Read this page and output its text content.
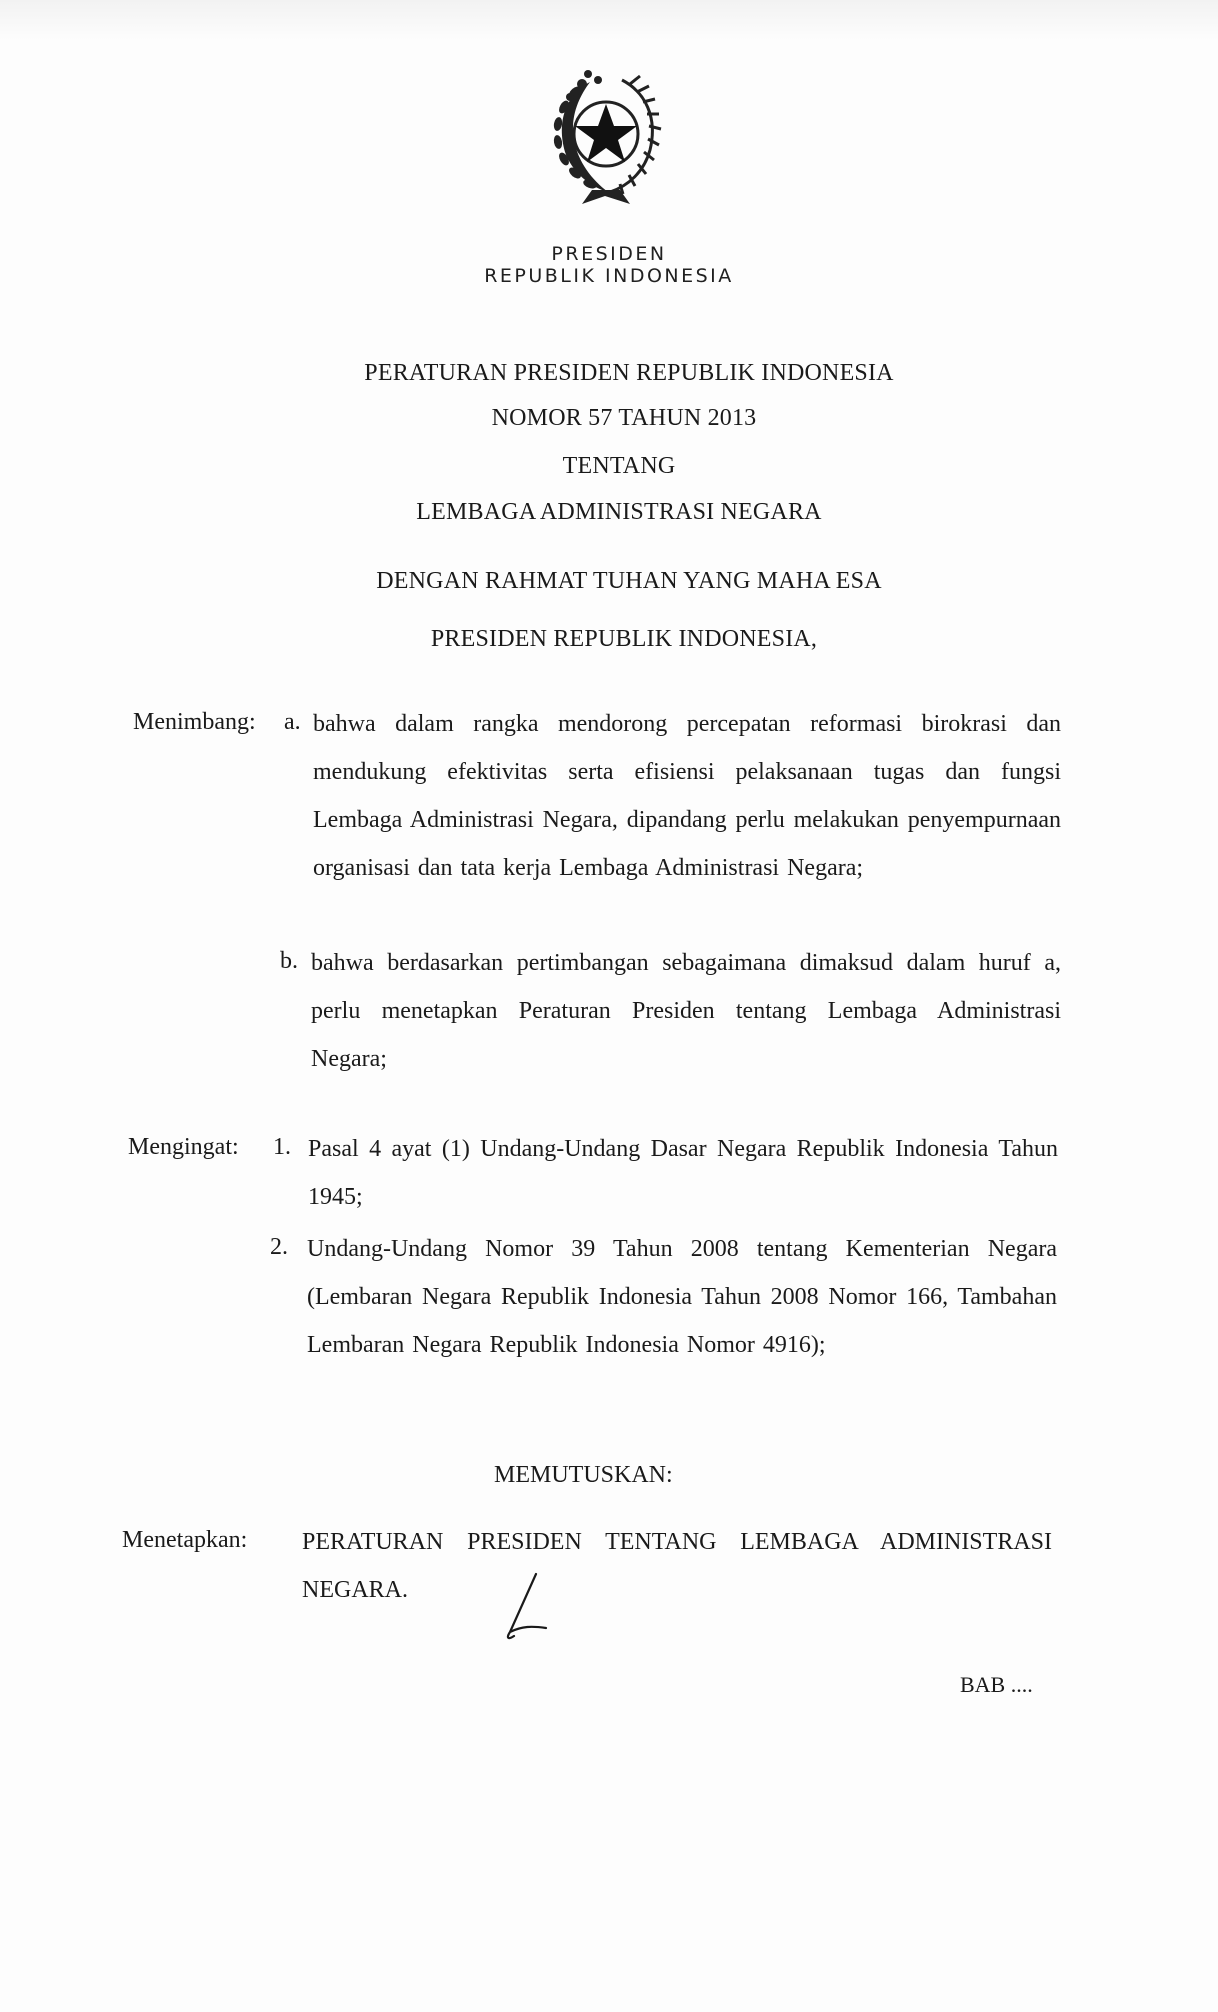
PRESIDEN
REPUBLIK INDONESIA
PERATURAN PRESIDEN REPUBLIK INDONESIA
NOMOR 57 TAHUN 2013
TENTANG
LEMBAGA ADMINISTRASI NEGARA
DENGAN RAHMAT TUHAN YANG MAHA ESA
PRESIDEN REPUBLIK INDONESIA,
Menimbang: a. bahwa dalam rangka mendorong percepatan reformasi birokrasi dan mendukung efektivitas serta efisiensi pelaksanaan tugas dan fungsi Lembaga Administrasi Negara, dipandang perlu melakukan penyempurnaan organisasi dan tata kerja Lembaga Administrasi Negara;
b. bahwa berdasarkan pertimbangan sebagaimana dimaksud dalam huruf a, perlu menetapkan Peraturan Presiden tentang Lembaga Administrasi Negara;
Mengingat: 1. Pasal 4 ayat (1) Undang-Undang Dasar Negara Republik Indonesia Tahun 1945;
2. Undang-Undang Nomor 39 Tahun 2008 tentang Kementerian Negara (Lembaran Negara Republik Indonesia Tahun 2008 Nomor 166, Tambahan Lembaran Negara Republik Indonesia Nomor 4916);
MEMUTUSKAN:
Menetapkan: PERATURAN PRESIDEN TENTANG LEMBAGA ADMINISTRASI NEGARA.
BAB ....
